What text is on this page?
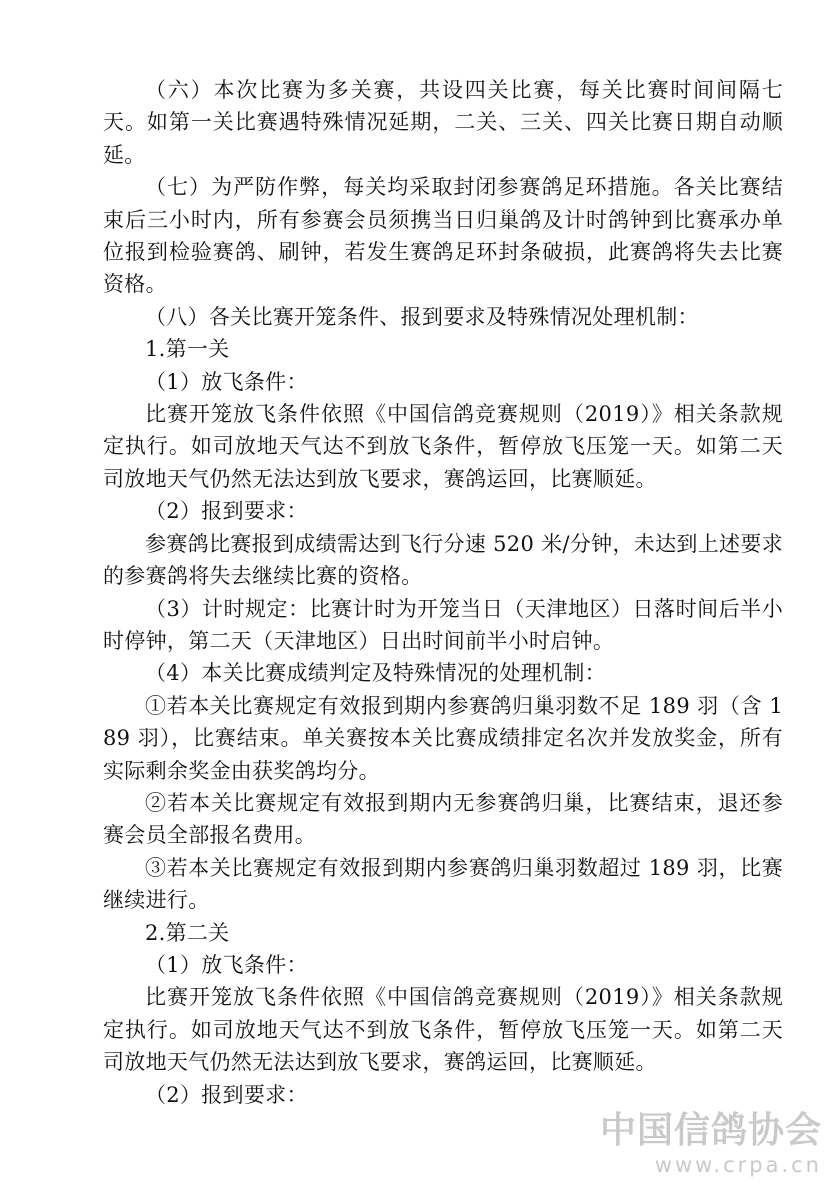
（六）本次比赛为多关赛，共设四关比赛，每关比赛时间间隔七天。如第一关比赛遇特殊情况延期，二关、三关、四关比赛日期自动顺延。

（七）为严防作弊，每关均采取封闭参赛鸽足环措施。各关比赛结束后三小时内，所有参赛会员须携当日归巢鸽及计时鸽钟到比赛承办单位报到检验赛鸽、刷钟，若发生赛鸽足环封条破损，此赛鸽将失去比赛资格。

（八）各关比赛开笼条件、报到要求及特殊情况处理机制：

1.第一关

（1）放飞条件：

比赛开笼放飞条件依照《中国信鸽竞赛规则（2019）》相关条款规定执行。如司放地天气达不到放飞条件，暂停放飞压笼一天。如第二天司放地天气仍然无法达到放飞要求，赛鸽运回，比赛顺延。

（2）报到要求：

参赛鸽比赛报到成绩需达到飞行分速 520 米/分钟，未达到上述要求的参赛鸽将失去继续比赛的资格。

（3）计时规定：比赛计时为开笼当日（天津地区）日落时间后半小时停钟，第二天（天津地区）日出时间前半小时启钟。

（4）本关比赛成绩判定及特殊情况的处理机制：

①若本关比赛规定有效报到期内参赛鸽归巢羽数不足 189 羽（含 189 羽），比赛结束。单关赛按本关比赛成绩排定名次并发放奖金，所有实际剩余奖金由获奖鸽均分。

②若本关比赛规定有效报到期内无参赛鸽归巢，比赛结束，退还参赛会员全部报名费用。

③若本关比赛规定有效报到期内参赛鸽归巢羽数超过 189 羽，比赛继续进行。

2.第二关

（1）放飞条件：

比赛开笼放飞条件依照《中国信鸽竞赛规则（2019）》相关条款规定执行。如司放地天气达不到放飞条件，暂停放飞压笼一天。如第二天司放地天气仍然无法达到放飞要求，赛鸽运回，比赛顺延。

（2）报到要求：

中国信鸽协会
www.crpa.cn
